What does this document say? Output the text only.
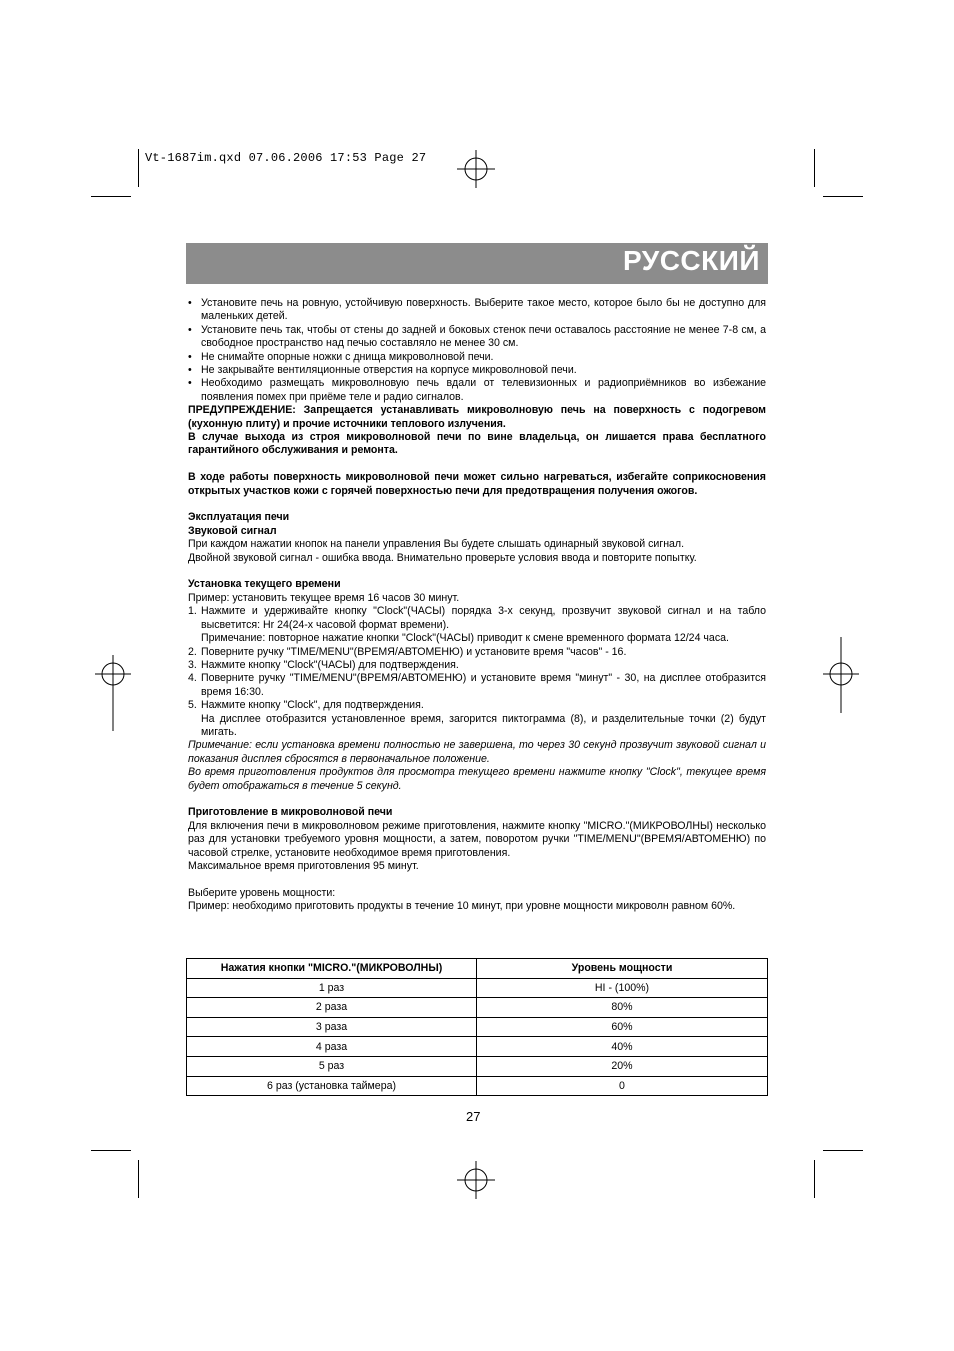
Vt-1687im.qxd 07.06.2006 17:53 Page 27
РУССКИЙ
• Установите печь на ровную, устойчивую поверхность. Выберите такое место, которое было бы не доступно для маленьких детей.
• Установите печь так, чтобы от стены до задней и боковых стенок печи оставалось расстояние не менее 7-8 см, а свободное пространство над печью составляло не менее 30 см.
• Не снимайте опорные ножки с днища микроволновой печи.
• Не закрывайте вентиляционные отверстия на корпусе микроволновой печи.
• Необходимо размещать микроволновую печь вдали от телевизионных и радиоприёмников во избежание появления помех при приёме теле и радио сигналов.

ПРЕДУПРЕЖДЕНИЕ: Запрещается устанавливать микроволновую печь на поверхность с подогревом (кухонную плиту) и прочие источники теплового излучения.

В случае выхода из строя микроволновой печи по вине владельца, он лишается права бесплатного гарантийного обслуживания и ремонта.

В ходе работы поверхность микроволновой печи может сильно нагреваться, избегайте соприкосновения открытых участков кожи с горячей поверхностью печи для предотвращения получения ожогов.

Эксплуатация печи

Звуковой сигнал

При каждом нажатии кнопок на панели управления Вы будете слышать одинарный звуковой сигнал.

Двойной звуковой сигнал - ошибка ввода. Внимательно проверьте условия ввода и повторите попытку.

Установка текущего времени

Пример: установить текущее время 16 часов 30 минут.

1. Нажмите и удерживайте кнопку "Clock"(ЧАСЫ) порядка 3-х секунд, прозвучит звуковой сигнал и на табло высветится: Hr 24(24-х часовой формат времени).
Примечание: повторное нажатие кнопки "Clock"(ЧАСЫ) приводит к смене временного формата 12/24 часа.
2. Поверните ручку "TIME/MENU"(ВРЕМЯ/АВТОМЕНЮ) и установите время "часов" - 16.
3. Нажмите кнопку "Clock"(ЧАСЫ) для подтверждения.
4. Поверните ручку "TIME/MENU"(ВРЕМЯ/АВТОМЕНЮ) и установите время "минут" - 30, на дисплее отобразится время 16:30.
5. Нажмите кнопку "Clock", для подтверждения.
На дисплее отобразится установленное время, загорится пиктограмма (8), и разделительные точки (2) будут мигать.

Примечание: если установка времени полностью не завершена, то через 30 секунд прозвучит звуковой сигнал и показания дисплея сбросятся в первоначальное положение.

Во время приготовления продуктов для просмотра текущего времени нажмите кнопку "Clock", текущее время будет отображаться в течение 5 секунд.

Приготовление в микроволновой печи

Для включения печи в микроволновом режиме приготовления, нажмите кнопку "MICRO."(МИКРОВОЛНЫ) несколько раз для установки требуемого уровня мощности, а затем, поворотом ручки "TIME/MENU"(ВРЕМЯ/АВТОМЕНЮ) по часовой стрелке, установите необходимое время приготовления.

Максимальное время приготовления 95 минут.

Выберите уровень мощности:

Пример: необходимо приготовить продукты в течение 10 минут, при уровне мощности микроволн равном 60%.

Нажатия кнопки "MICRO."(МИКРОВОЛНЫ)	Уровень мощности
1 раз	HI - (100%)
2 раза	80%
3 раза	60%
4 раза	40%
5 раз	20%
6 раз (установка таймера)	0
27
